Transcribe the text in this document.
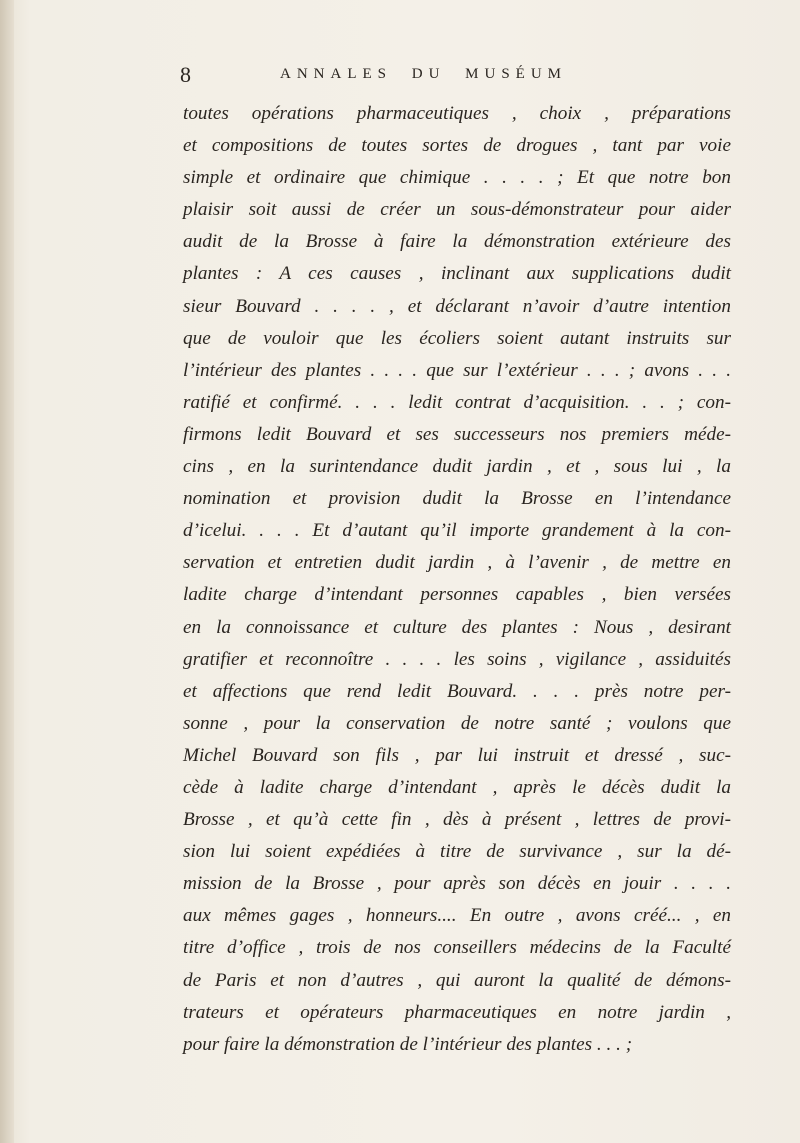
8	ANNALES DU MUSÉUM
toutes opérations pharmaceutiques , choix , préparations
et compositions de toutes sortes de drogues , tant par voie
simple et ordinaire que chimique . . . . ; Et que notre bon
plaisir soit aussi de créer un sous-démonstrateur pour aider
audit de la Brosse à faire la démonstration extérieure des
plantes : A ces causes , inclinant aux supplications dudit
sieur Bouvard . . . . , et déclarant n’avoir d’autre intention
que de vouloir que les écoliers soient autant instruits sur
l’intérieur des plantes . . . . que sur l’extérieur . . . ; avons . . .
ratifié et confirmé. . . . ledit contrat d’acquisition. . . ; con-
firmons ledit Bouvard et ses successeurs nos premiers méde-
cins , en la surintendance dudit jardin , et , sous lui , la
nomination et provision dudit la Brosse en l’intendance
d’icelui. . . . Et d’autant qu’il importe grandement à la con-
servation et entretien dudit jardin , à l’avenir , de mettre en
ladite charge d’intendant personnes capables , bien versées
en la connoissance et culture des plantes : Nous , desirant
gratifier et reconnoître . . . . les soins , vigilance , assiduités
et affections que rend ledit Bouvard. . . . près notre per-
sonne , pour la conservation de notre santé ; voulons que
Michel Bouvard son fils , par lui instruit et dressé , suc-
cède à ladite charge d’intendant , après le décès dudit la
Brosse , et qu’à cette fin , dès à présent , lettres de provi-
sion lui soient expédiées à titre de survivance , sur la dé-
mission de la Brosse , pour après son décès en jouir . . . .
aux mêmes gages , honneurs.... En outre , avons créé... , en
titre d’office , trois de nos conseillers médecins de la Faculté
de Paris et non d’autres , qui auront la qualité de démons-
trateurs et opérateurs pharmaceutiques en notre jardin ,
pour faire la démonstration de l’intérieur des plantes . . . ;
